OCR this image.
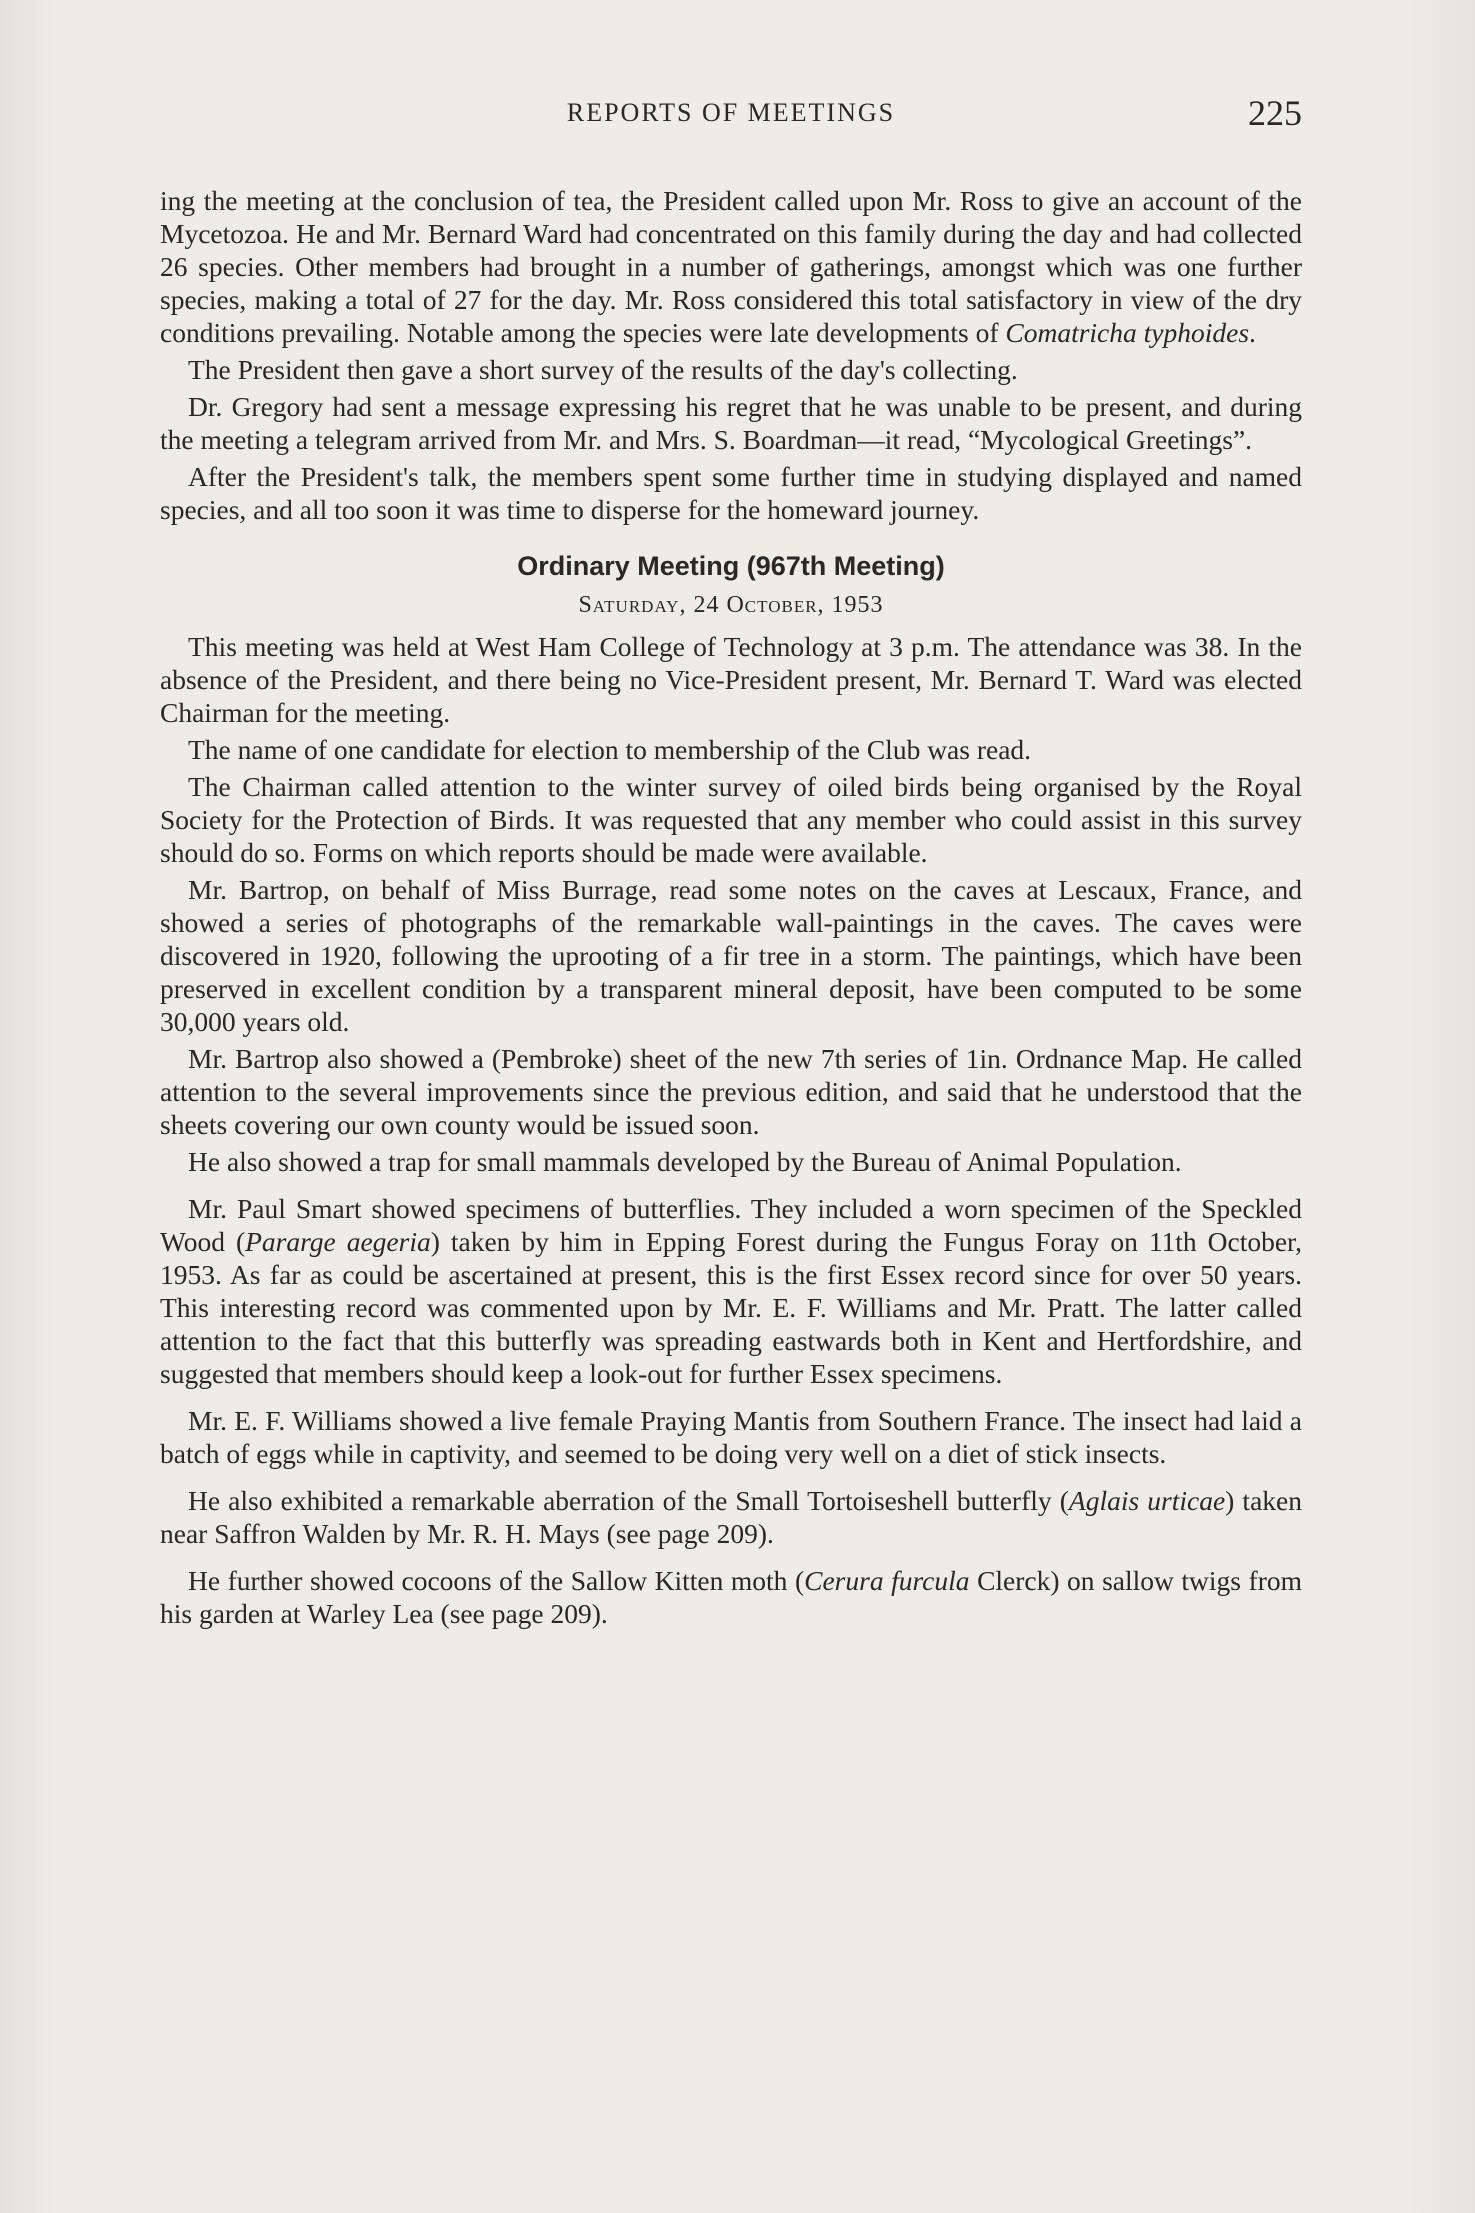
REPORTS OF MEETINGS	225

ing the meeting at the conclusion of tea, the President called upon Mr. Ross to give an account of the Mycetozoa. He and Mr. Bernard Ward had concentrated on this family during the day and had collected 26 species. Other members had brought in a number of gatherings, amongst which was one further species, making a total of 27 for the day. Mr. Ross considered this total satisfactory in view of the dry conditions prevailing. Notable among the species were late developments of Comatricha typhoides.

The President then gave a short survey of the results of the day's collecting.

Dr. Gregory had sent a message expressing his regret that he was unable to be present, and during the meeting a telegram arrived from Mr. and Mrs. S. Boardman—it read, “Mycological Greetings”.

After the President's talk, the members spent some further time in studying displayed and named species, and all too soon it was time to disperse for the homeward journey.

Ordinary Meeting (967th Meeting)
Saturday, 24 October, 1953

This meeting was held at West Ham College of Technology at 3 p.m. The attendance was 38. In the absence of the President, and there being no Vice-President present, Mr. Bernard T. Ward was elected Chairman for the meeting.

The name of one candidate for election to membership of the Club was read.

The Chairman called attention to the winter survey of oiled birds being organised by the Royal Society for the Protection of Birds. It was requested that any member who could assist in this survey should do so. Forms on which reports should be made were available.

Mr. Bartrop, on behalf of Miss Burrage, read some notes on the caves at Lescaux, France, and showed a series of photographs of the remarkable wall-paintings in the caves. The caves were discovered in 1920, following the uprooting of a fir tree in a storm. The paintings, which have been preserved in excellent condition by a transparent mineral deposit, have been computed to be some 30,000 years old.

Mr. Bartrop also showed a (Pembroke) sheet of the new 7th series of 1in. Ordnance Map. He called attention to the several improvements since the previous edition, and said that he understood that the sheets covering our own county would be issued soon.

He also showed a trap for small mammals developed by the Bureau of Animal Population.

Mr. Paul Smart showed specimens of butterflies. They included a worn specimen of the Speckled Wood (Pararge aegeria) taken by him in Epping Forest during the Fungus Foray on 11th October, 1953. As far as could be ascertained at present, this is the first Essex record since for over 50 years. This interesting record was commented upon by Mr. E. F. Williams and Mr. Pratt. The latter called attention to the fact that this butterfly was spreading eastwards both in Kent and Hertfordshire, and suggested that members should keep a look-out for further Essex specimens.

Mr. E. F. Williams showed a live female Praying Mantis from Southern France. The insect had laid a batch of eggs while in captivity, and seemed to be doing very well on a diet of stick insects.

He also exhibited a remarkable aberration of the Small Tortoiseshell butterfly (Aglais urticae) taken near Saffron Walden by Mr. R. H. Mays (see page 209).

He further showed cocoons of the Sallow Kitten moth (Cerura furcula Clerck) on sallow twigs from his garden at Warley Lea (see page 209).
